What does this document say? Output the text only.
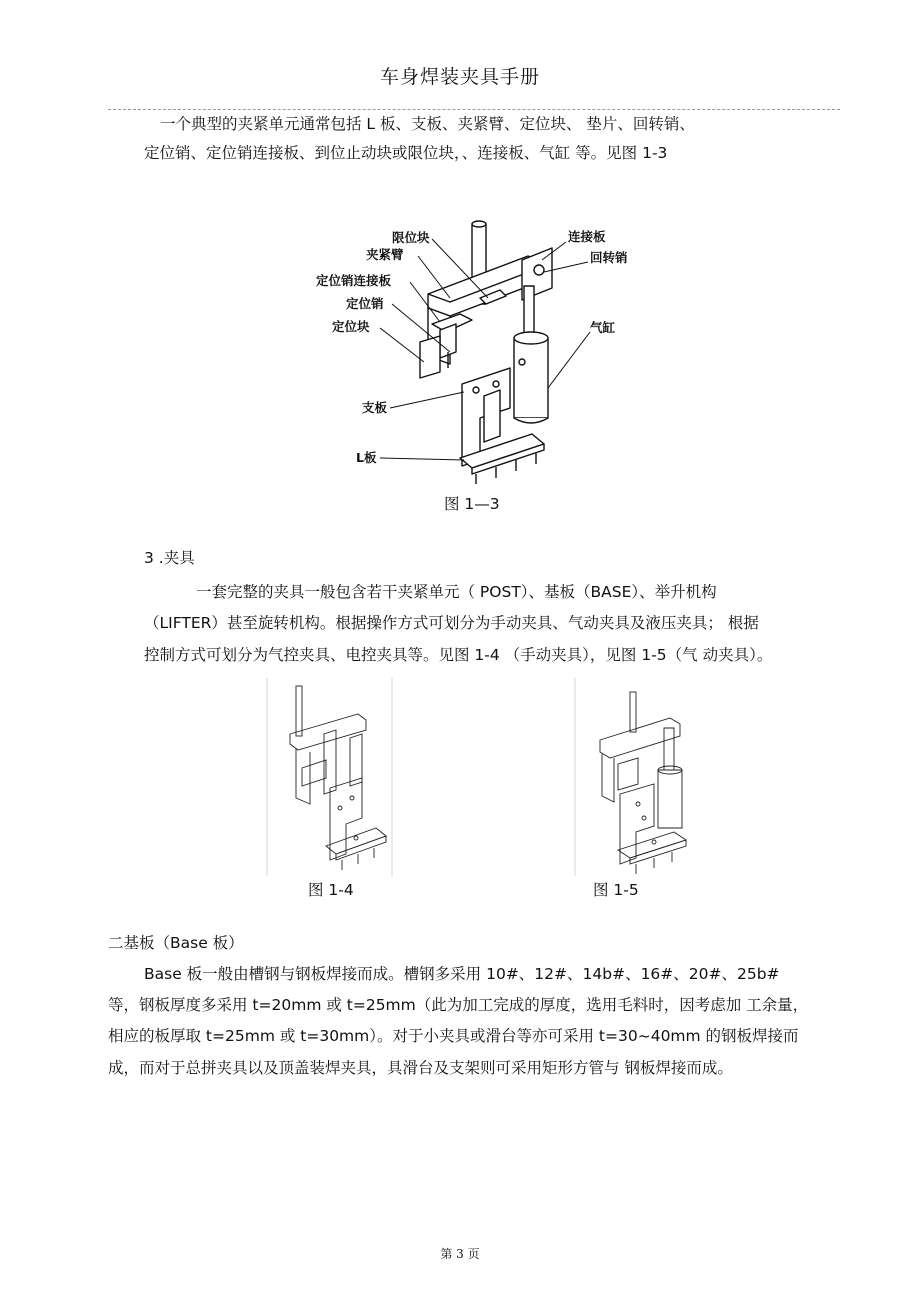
车身焊装夹具手册
一个典型的夹紧单元通常包括 L 板、支板、夹紧臂、定位块、 垫片、回转销、
定位销、定位销连接板、到位止动块或限位块，、连接板、气缸 等。见图 1-3
限位块
夹紧臂
定位销连接板
定位销
定位块
支板
L板
连接板
回转销
气缸
图 1—3
3 .夹具
一套完整的夹具一般包含若干夹紧单元（ POST）、基板（BASE）、举升机构
（LIFTER）甚至旋转机构。根据操作方式可划分为手动夹具、气动夹具及液压夹具； 根据
控制方式可划分为气控夹具、电控夹具等。见图 1-4 （手动夹具），见图 1-5（气 动夹具）。
图 1-4	图 1-5
二基板（Base 板）
Base 板一般由槽钢与钢板焊接而成。槽钢多采用 10#、12#、14b#、16#、20#、25b#
等，钢板厚度多采用 t=20mm 或 t=25mm（此为加工完成的厚度，选用毛料时，因考虑加 工余量，
相应的板厚取 t=25mm 或 t=30mm）。对于小夹具或滑台等亦可采用 t=30~40mm 的钢板焊接而
成，而对于总拼夹具以及顶盖装焊夹具，具滑台及支架则可采用矩形方管与 钢板焊接而成。
第 3 页
